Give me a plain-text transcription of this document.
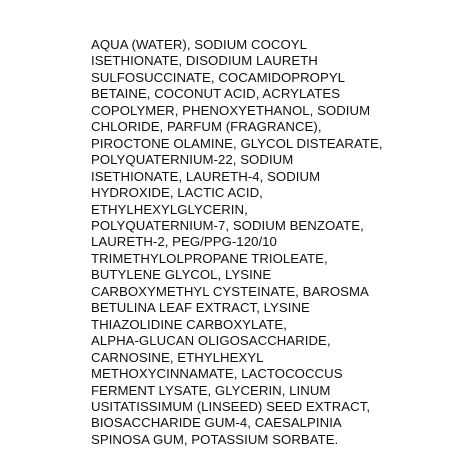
AQUA (WATER), SODIUM COCOYL
ISETHIONATE, DISODIUM LAURETH
SULFOSUCCINATE, COCAMIDOPROPYL
BETAINE, COCONUT ACID, ACRYLATES
COPOLYMER, PHENOXYETHANOL, SODIUM
CHLORIDE, PARFUM (FRAGRANCE),
PIROCTONE OLAMINE, GLYCOL DISTEARATE,
POLYQUATERNIUM-22, SODIUM
ISETHIONATE, LAURETH-4, SODIUM
HYDROXIDE, LACTIC ACID,
ETHYLHEXYLGLYCERIN,
POLYQUATERNIUM-7, SODIUM BENZOATE,
LAURETH-2, PEG/PPG-120/10
TRIMETHYLOLPROPANE TRIOLEATE,
BUTYLENE GLYCOL, LYSINE
CARBOXYMETHYL CYSTEINATE, BAROSMA
BETULINA LEAF EXTRACT, LYSINE
THIAZOLIDINE CARBOXYLATE,
ALPHA-GLUCAN OLIGOSACCHARIDE,
CARNOSINE, ETHYLHEXYL
METHOXYCINNAMATE, LACTOCOCCUS
FERMENT LYSATE, GLYCERIN, LINUM
USITATISSIMUM (LINSEED) SEED EXTRACT,
BIOSACCHARIDE GUM-4, CAESALPINIA
SPINOSA GUM, POTASSIUM SORBATE.
